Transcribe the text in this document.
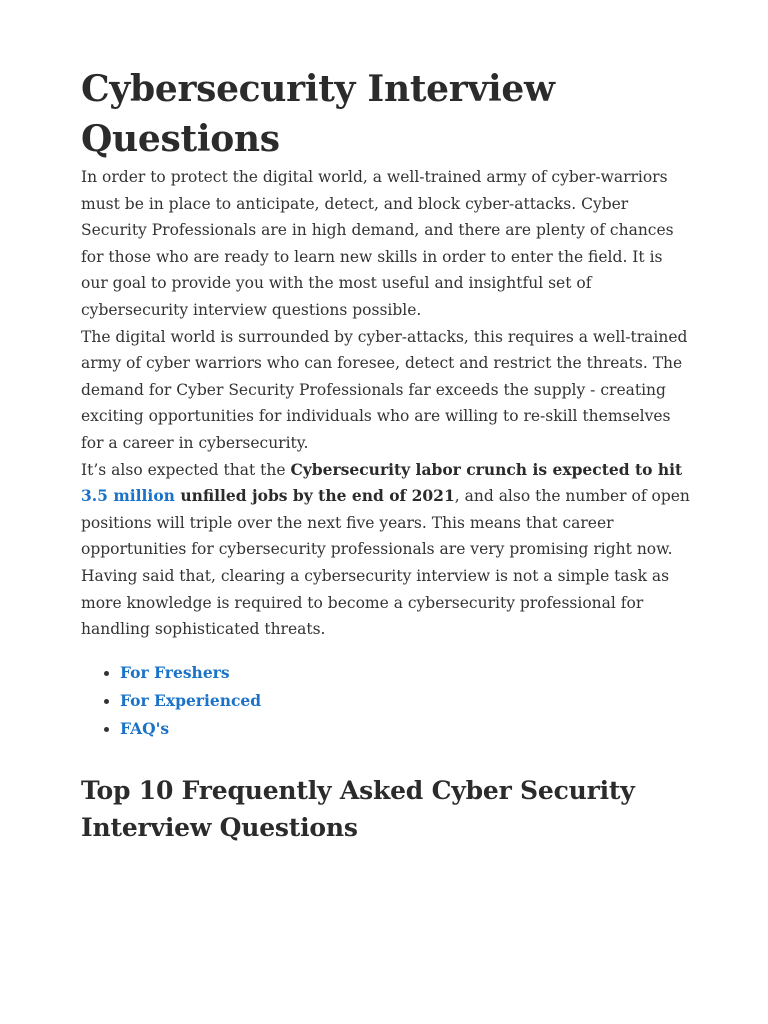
Cybersecurity Interview
Questions

In order to protect the digital world, a well-trained army of cyber-warriors must be in place to anticipate, detect, and block cyber-attacks. Cyber Security Professionals are in high demand, and there are plenty of chances for those who are ready to learn new skills in order to enter the field. It is our goal to provide you with the most useful and insightful set of cybersecurity interview questions possible.

The digital world is surrounded by cyber-attacks, this requires a well-trained army of cyber warriors who can foresee, detect and restrict the threats. The demand for Cyber Security Professionals far exceeds the supply - creating exciting opportunities for individuals who are willing to re-skill themselves for a career in cybersecurity.

It’s also expected that the Cybersecurity labor crunch is expected to hit 3.5 million unfilled jobs by the end of 2021, and also the number of open positions will triple over the next five years. This means that career opportunities for cybersecurity professionals are very promising right now. Having said that, clearing a cybersecurity interview is not a simple task as more knowledge is required to become a cybersecurity professional for handling sophisticated threats.

• For Freshers
• For Experienced
• FAQ's
Top 10 Frequently Asked Cyber Security
Interview Questions
